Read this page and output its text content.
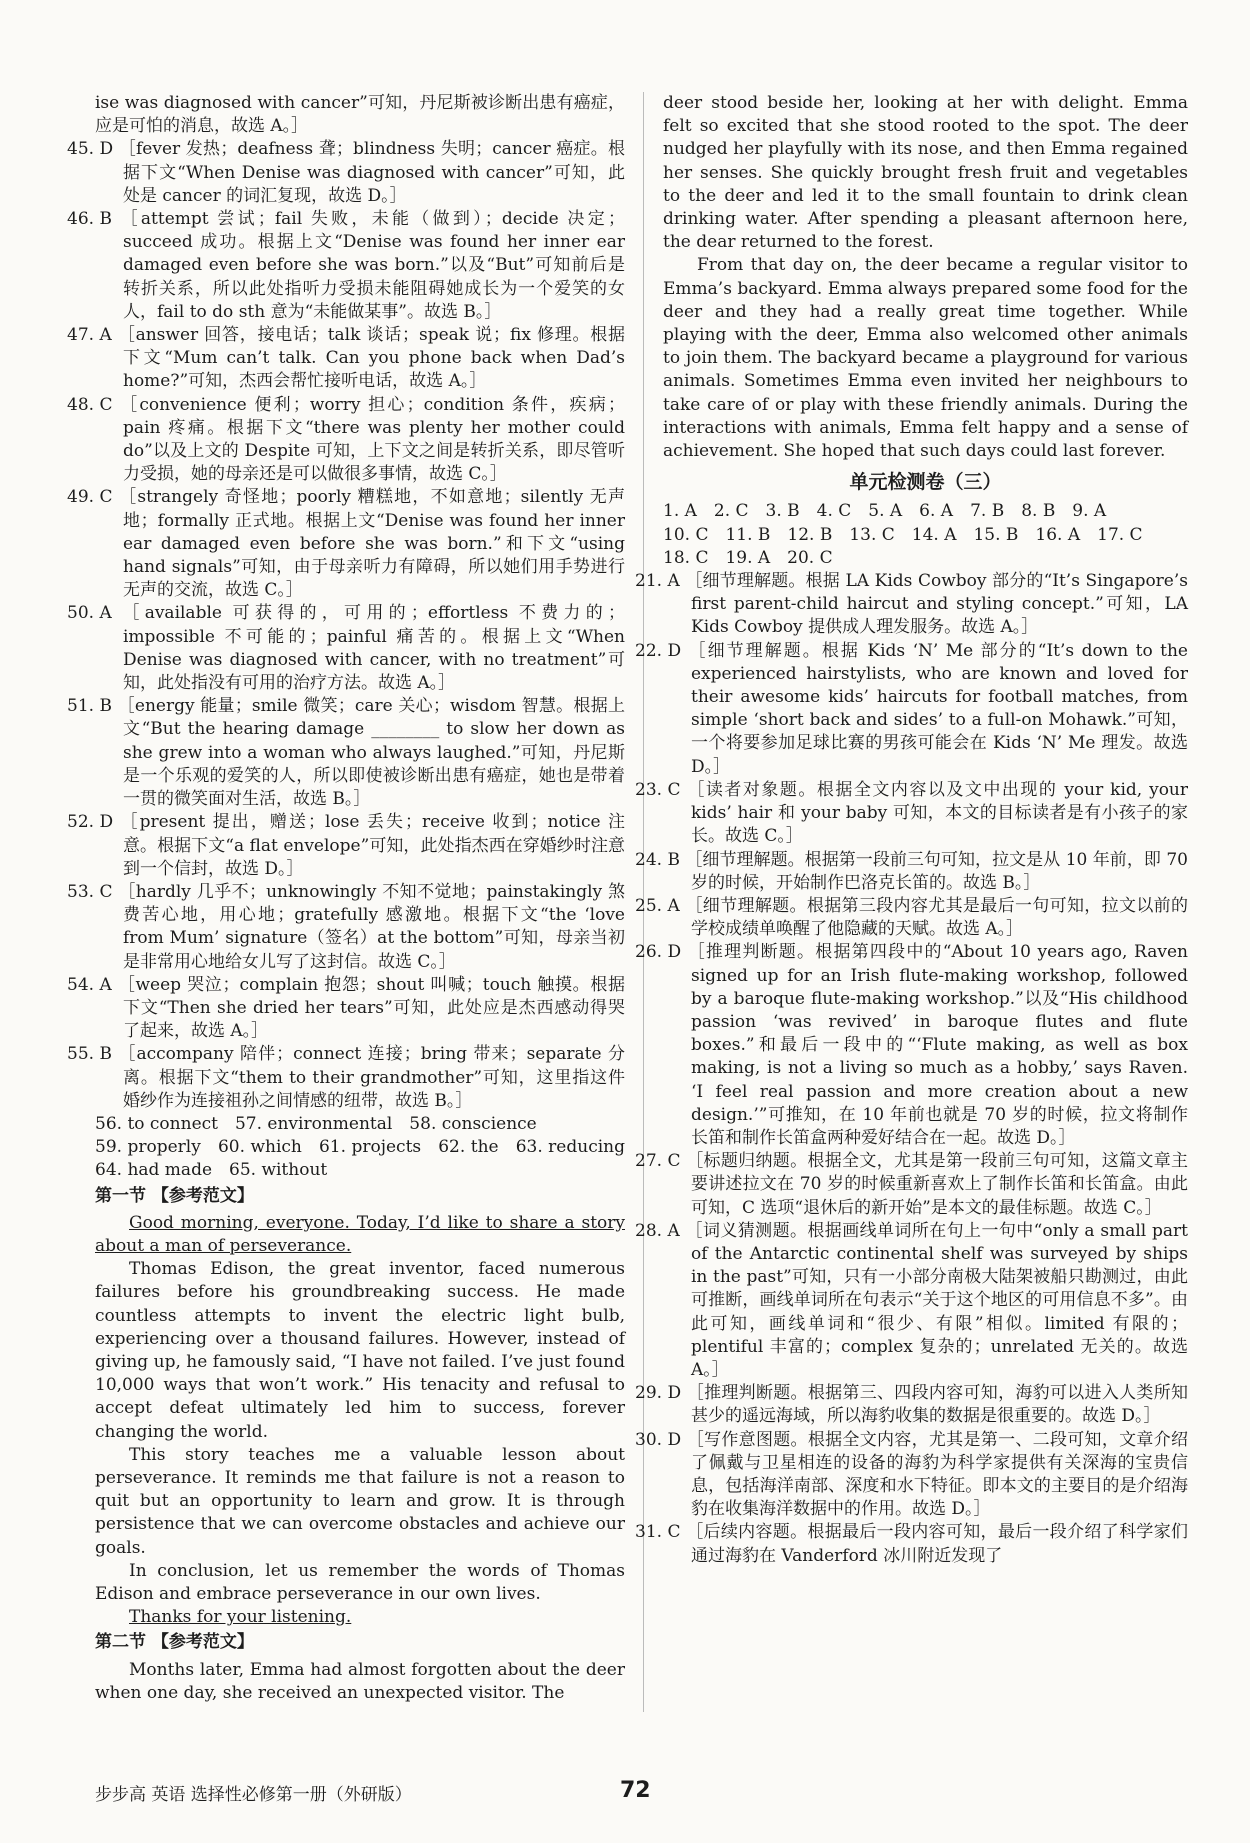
ise was diagnosed with cancer”可知，丹尼斯被诊断出患有癌症，应是可怕的消息，故选 A。］

45. D ［fever 发热；deafness 聋；blindness 失明；cancer 癌症。根据下文“When Denise was diagnosed with cancer”可知，此处是 cancer 的词汇复现，故选 D。］

46. B ［attempt 尝试；fail 失败，未能（做到）；decide 决定；succeed 成功。根据上文“Denise was found her inner ear damaged even before she was born.”以及“But”可知前后是转折关系，所以此处指听力受损未能阻碍她成长为一个爱笑的女人，fail to do sth 意为“未能做某事”。故选 B。］

47. A ［answer 回答，接电话；talk 谈话；speak 说；fix 修理。根据下文“Mum can’t talk. Can you phone back when Dad’s home?”可知，杰西会帮忙接听电话，故选 A。］

48. C ［convenience 便利；worry 担心；condition 条件，疾病；pain 疼痛。根据下文“there was plenty her mother could do”以及上文的 Despite 可知，上下文之间是转折关系，即尽管听力受损，她的母亲还是可以做很多事情，故选 C。］

49. C ［strangely 奇怪地；poorly 糟糕地，不如意地；silently 无声地；formally 正式地。根据上文“Denise was found her inner ear damaged even before she was born.”和下文“using hand signals”可知，由于母亲听力有障碍，所以她们用手势进行无声的交流，故选 C。］

50. A ［available 可获得的，可用的；effortless 不费力的；impossible 不可能的；painful 痛苦的。根据上文“When Denise was diagnosed with cancer, with no treatment”可知，此处指没有可用的治疗方法。故选 A。］

51. B ［energy 能量；smile 微笑；care 关心；wisdom 智慧。根据上文“But the hearing damage ________ to slow her down as she grew into a woman who always laughed.”可知，丹尼斯是一个乐观的爱笑的人，所以即使被诊断出患有癌症，她也是带着一贯的微笑面对生活，故选 B。］

52. D ［present 提出，赠送；lose 丢失；receive 收到；notice 注意。根据下文“a flat envelope”可知，此处指杰西在穿婚纱时注意到一个信封，故选 D。］

53. C ［hardly 几乎不；unknowingly 不知不觉地；painstakingly 煞费苦心地，用心地；gratefully 感激地。根据下文“the ‘love from Mum’ signature（签名）at the bottom”可知，母亲当初是非常用心地给女儿写了这封信。故选 C。］

54. A ［weep 哭泣；complain 抱怨；shout 叫喊；touch 触摸。根据下文“Then she dried her tears”可知，此处应是杰西感动得哭了起来，故选 A。］

55. B ［accompany 陪伴；connect 连接；bring 带来；separate 分离。根据下文“them to their grandmother”可知，这里指这件婚纱作为连接祖孙之间情感的纽带，故选 B。］

56. to connect　57. environmental　58. conscience

59. properly　60. which　61. projects　62. the　63. reducing　64. had made　65. without

第一节 【参考范文】

Good morning, everyone. Today, I’d like to share a story about a man of perseverance.

Thomas Edison, the great inventor, faced numerous failures before his groundbreaking success. He made countless attempts to invent the electric light bulb, experiencing over a thousand failures. However, instead of giving up, he famously said, “I have not failed. I’ve just found 10,000 ways that won’t work.” His tenacity and refusal to accept defeat ultimately led him to success, forever changing the world.

This story teaches me a valuable lesson about perseverance. It reminds me that failure is not a reason to quit but an opportunity to learn and grow. It is through persistence that we can overcome obstacles and achieve our goals.

In conclusion, let us remember the words of Thomas Edison and embrace perseverance in our own lives.

Thanks for your listening.

第二节 【参考范文】

Months later, Emma had almost forgotten about the deer when one day, she received an unexpected visitor. The

deer stood beside her, looking at her with delight. Emma felt so excited that she stood rooted to the spot. The deer nudged her playfully with its nose, and then Emma regained her senses. She quickly brought fresh fruit and vegetables to the deer and led it to the small fountain to drink clean drinking water. After spending a pleasant afternoon here, the dear returned to the forest.

From that day on, the deer became a regular visitor to Emma’s backyard. Emma always prepared some food for the deer and they had a really great time together. While playing with the deer, Emma also welcomed other animals to join them. The backyard became a playground for various animals. Sometimes Emma even invited her neighbours to take care of or play with these friendly animals. During the interactions with animals, Emma felt happy and a sense of achievement. She hoped that such days could last forever.

单元检测卷（三）

1. A　2. C　3. B　4. C　5. A　6. A　7. B　8. B　9. A

10. C　11. B　12. B　13. C　14. A　15. B　16. A　17. C

18. C　19. A　20. C

21. A ［细节理解题。根据 LA Kids Cowboy 部分的“It’s Singapore’s first parent-child haircut and styling concept.”可知，LA Kids Cowboy 提供成人理发服务。故选 A。］

22. D ［细节理解题。根据 Kids ‘N’ Me 部分的“It’s down to the experienced hairstylists, who are known and loved for their awesome kids’ haircuts for football matches, from simple ‘short back and sides’ to a full-on Mohawk.”可知，一个将要参加足球比赛的男孩可能会在 Kids ‘N’ Me 理发。故选 D。］

23. C ［读者对象题。根据全文内容以及文中出现的 your kid, your kids’ hair 和 your baby 可知，本文的目标读者是有小孩子的家长。故选 C。］

24. B ［细节理解题。根据第一段前三句可知，拉文是从 10 年前，即 70 岁的时候，开始制作巴洛克长笛的。故选 B。］

25. A ［细节理解题。根据第三段内容尤其是最后一句可知，拉文以前的学校成绩单唤醒了他隐藏的天赋。故选 A。］

26. D ［推理判断题。根据第四段中的“About 10 years ago, Raven signed up for an Irish flute-making workshop, followed by a baroque flute-making workshop.”以及“His childhood passion ‘was revived’ in baroque flutes and flute boxes.”和最后一段中的“‘Flute making, as well as box making, is not a living so much as a hobby,’ says Raven. ‘I feel real passion and more creation about a new design.’”可推知，在 10 年前也就是 70 岁的时候，拉文将制作长笛和制作长笛盒两种爱好结合在一起。故选 D。］

27. C ［标题归纳题。根据全文，尤其是第一段前三句可知，这篇文章主要讲述拉文在 70 岁的时候重新喜欢上了制作长笛和长笛盒。由此可知，C 选项“退休后的新开始”是本文的最佳标题。故选 C。］

28. A ［词义猜测题。根据画线单词所在句上一句中“only a small part of the Antarctic continental shelf was surveyed by ships in the past”可知，只有一小部分南极大陆架被船只勘测过，由此可推断，画线单词所在句表示“关于这个地区的可用信息不多”。由此可知，画线单词和“很少、有限”相似。limited 有限的；plentiful 丰富的；complex 复杂的；unrelated 无关的。故选 A。］

29. D ［推理判断题。根据第三、四段内容可知，海豹可以进入人类所知甚少的遥远海域，所以海豹收集的数据是很重要的。故选 D。］

30. D ［写作意图题。根据全文内容，尤其是第一、二段可知，文章介绍了佩戴与卫星相连的设备的海豹为科学家提供有关深海的宝贵信息，包括海洋南部、深度和水下特征。即本文的主要目的是介绍海豹在收集海洋数据中的作用。故选 D。］

31. C ［后续内容题。根据最后一段内容可知，最后一段介绍了科学家们通过海豹在 Vanderford 冰川附近发现了

步步高 英语 选择性必修第一册（外研版）	72
